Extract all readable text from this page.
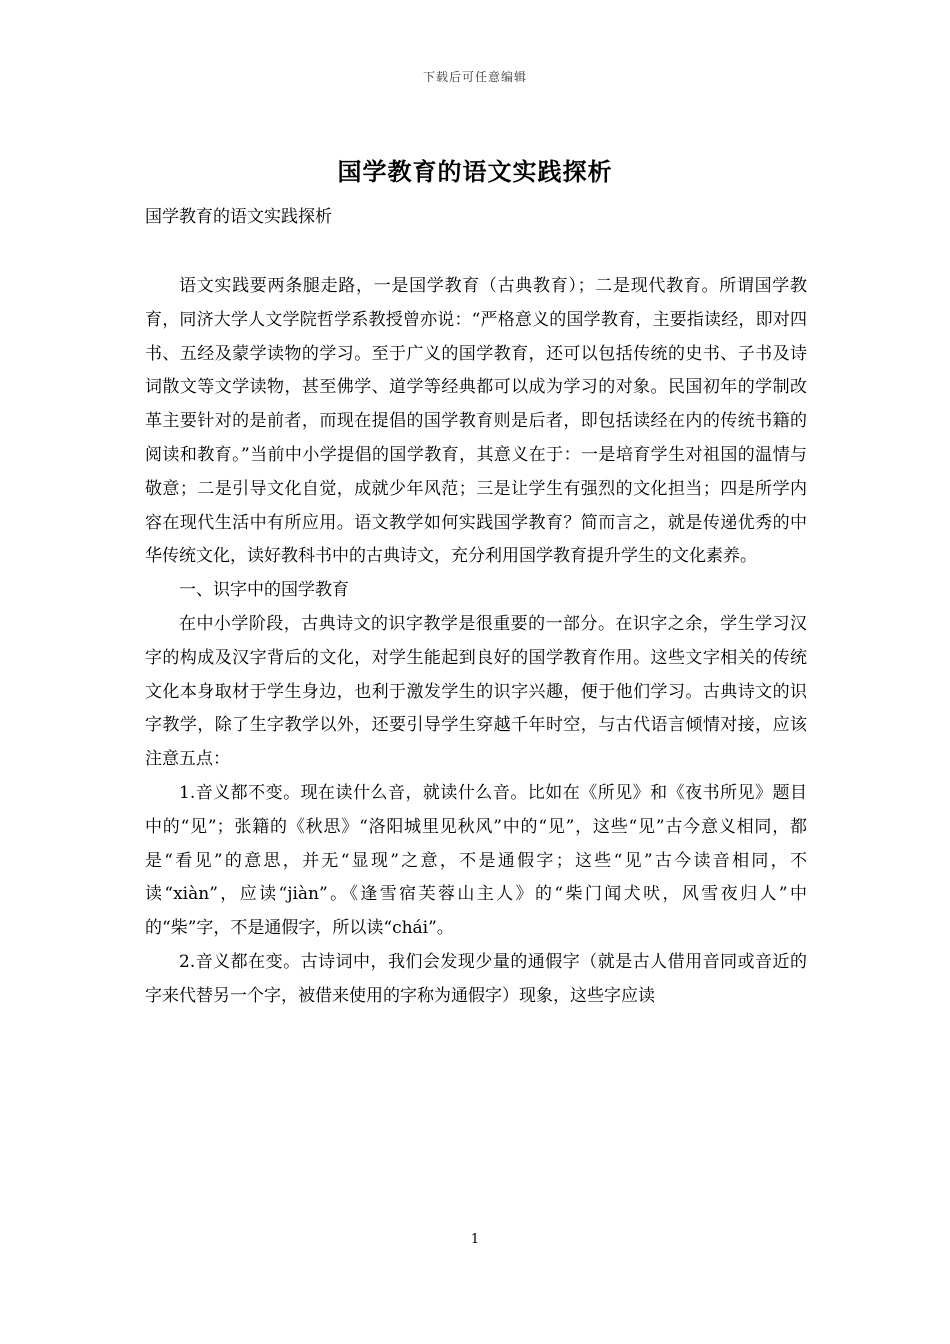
下载后可任意编辑
国学教育的语文实践探析
国学教育的语文实践探析

语文实践要两条腿走路，一是国学教育（古典教育）；二是现代教育。所谓国学教育，同济大学人文学院哲学系教授曾亦说：“严格意义的国学教育，主要指读经，即对四书、五经及蒙学读物的学习。至于广义的国学教育，还可以包括传统的史书、子书及诗词散文等文学读物，甚至佛学、道学等经典都可以成为学习的对象。民国初年的学制改革主要针对的是前者，而现在提倡的国学教育则是后者，即包括读经在内的传统书籍的阅读和教育。”当前中小学提倡的国学教育，其意义在于：一是培育学生对祖国的温情与敬意；二是引导文化自觉，成就少年风范；三是让学生有强烈的文化担当；四是所学内容在现代生活中有所应用。语文教学如何实践国学教育？简而言之，就是传递优秀的中华传统文化，读好教科书中的古典诗文，充分利用国学教育提升学生的文化素养。

一、识字中的国学教育

在中小学阶段，古典诗文的识字教学是很重要的一部分。在识字之余，学生学习汉字的构成及汉字背后的文化，对学生能起到良好的国学教育作用。这些文字相关的传统文化本身取材于学生身边，也利于激发学生的识字兴趣，便于他们学习。古典诗文的识字教学，除了生字教学以外，还要引导学生穿越千年时空，与古代语言倾情对接，应该注意五点：

1.音义都不变。现在读什么音，就读什么音。比如在《所见》和《夜书所见》题目中的“见”；张籍的《秋思》“洛阳城里见秋风”中的“见”，这些“见”古今意义相同，都是“看见”的意思，并无“显现”之意，不是通假字；这些“见”古今读音相同，不读“xiàn”，应读“jiàn”。《逢雪宿芙蓉山主人》的“柴门闻犬吠，风雪夜归人”中的“柴”字，不是通假字，所以读“chái”。

2.音义都在变。古诗词中，我们会发现少量的通假字（就是古人借用音同或音近的字来代替另一个字，被借来使用的字称为通假字）现象，这些字应读

1
